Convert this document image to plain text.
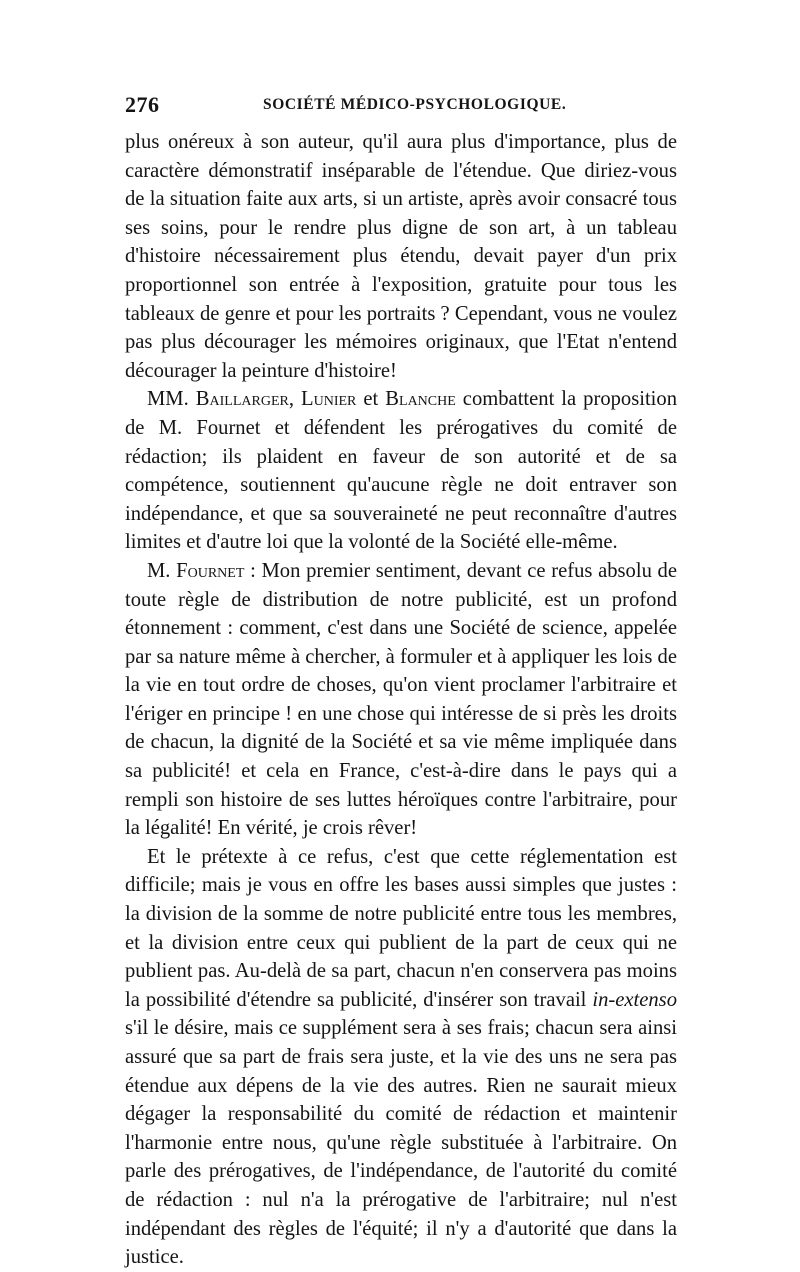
276	SOCIÉTÉ MÉDICO-PSYCHOLOGIQUE.

plus onéreux à son auteur, qu'il aura plus d'importance, plus de caractère démonstratif inséparable de l'étendue. Que diriez-vous de la situation faite aux arts, si un artiste, après avoir consacré tous ses soins, pour le rendre plus digne de son art, à un tableau d'histoire nécessairement plus étendu, devait payer d'un prix proportionnel son entrée à l'exposition, gratuite pour tous les tableaux de genre et pour les portraits ? Cependant, vous ne voulez pas plus décourager les mémoires originaux, que l'Etat n'entend décourager la peinture d'histoire!

MM. Baillarger, Lunier et Blanche combattent la proposition de M. Fournet et défendent les prérogatives du comité de rédaction; ils plaident en faveur de son autorité et de sa compétence, soutiennent qu'aucune règle ne doit entraver son indépendance, et que sa souveraineté ne peut reconnaître d'autres limites et d'autre loi que la volonté de la Société elle-même.

M. Fournet : Mon premier sentiment, devant ce refus absolu de toute règle de distribution de notre publicité, est un profond étonnement : comment, c'est dans une Société de science, appelée par sa nature même à chercher, à formuler et à appliquer les lois de la vie en tout ordre de choses, qu'on vient proclamer l'arbitraire et l'ériger en principe ! en une chose qui intéresse de si près les droits de chacun, la dignité de la Société et sa vie même impliquée dans sa publicité! et cela en France, c'est-à-dire dans le pays qui a rempli son histoire de ses luttes héroïques contre l'arbitraire, pour la légalité! En vérité, je crois rêver!

Et le prétexte à ce refus, c'est que cette réglementation est difficile; mais je vous en offre les bases aussi simples que justes : la division de la somme de notre publicité entre tous les membres, et la division entre ceux qui publient de la part de ceux qui ne publient pas. Au-delà de sa part, chacun n'en conservera pas moins la possibilité d'étendre sa publicité, d'insérer son travail in-extenso s'il le désire, mais ce supplément sera à ses frais; chacun sera ainsi assuré que sa part de frais sera juste, et la vie des uns ne sera pas étendue aux dépens de la vie des autres. Rien ne saurait mieux dégager la responsabilité du comité de rédaction et maintenir l'harmonie entre nous, qu'une règle substituée à l'arbitraire. On parle des prérogatives, de l'indépendance, de l'autorité du comité de rédaction : nul n'a la prérogative de l'arbitraire; nul n'est indépendant des règles de l'équité; il n'y a d'autorité que dans la justice.
